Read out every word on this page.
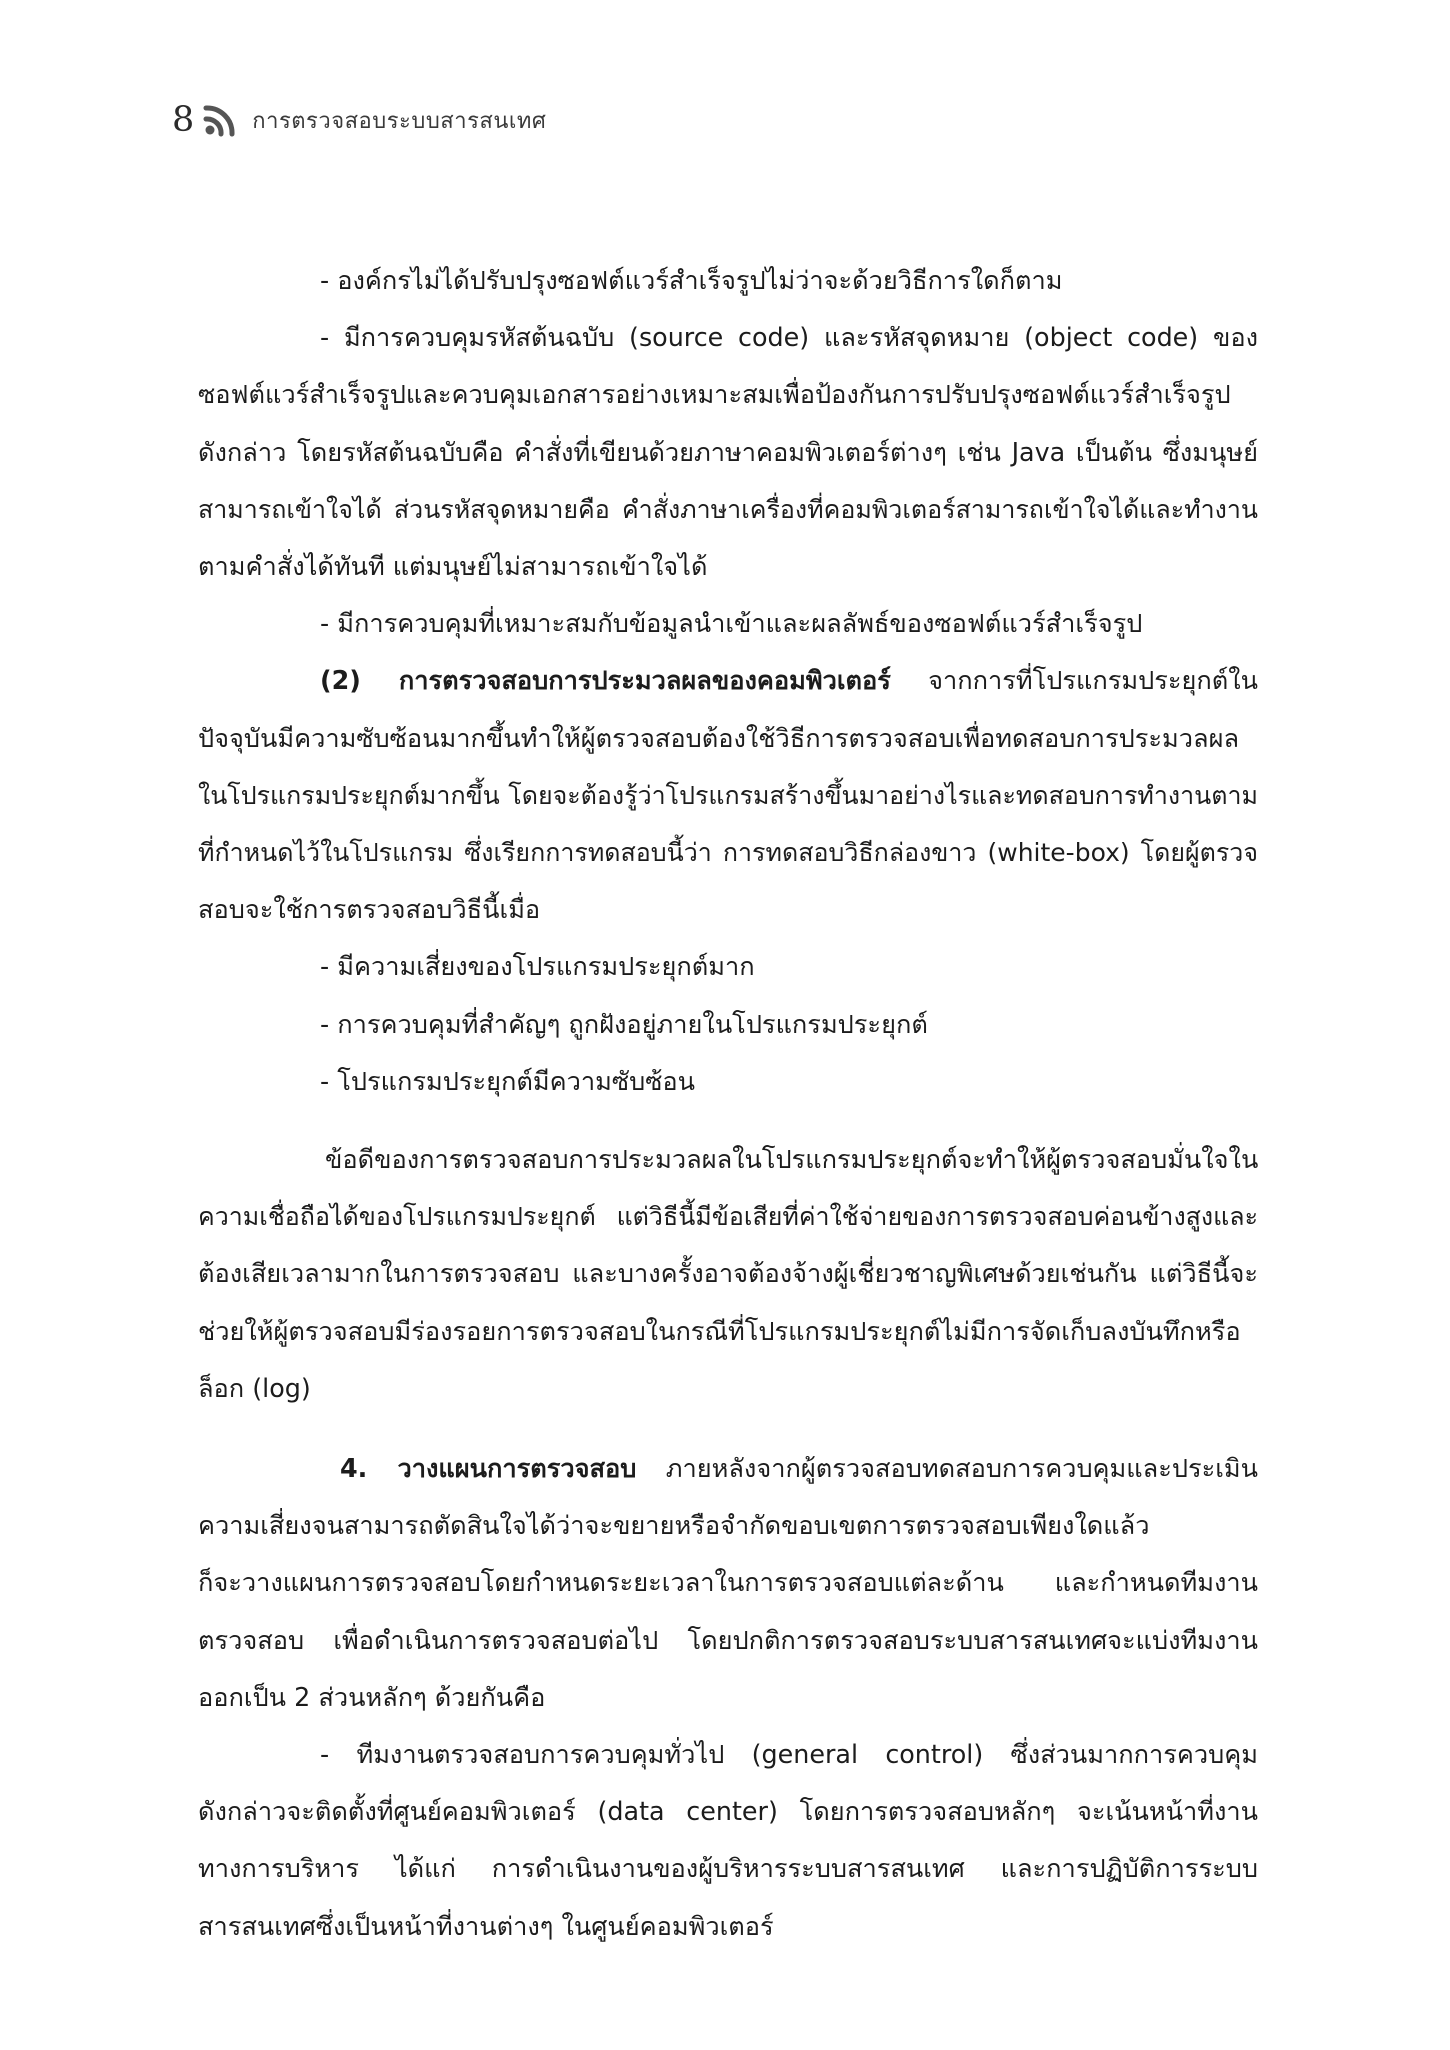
8	การตรวจสอบระบบสารสนเทศ

- องค์กรไม่ได้ปรับปรุงซอฟต์แวร์สำเร็จรูปไม่ว่าจะด้วยวิธีการใดก็ตาม

- มีการควบคุมรหัสต้นฉบับ (source code) และรหัสจุดหมาย (object code) ของ

ซอฟต์แวร์สำเร็จรูปและควบคุมเอกสารอย่างเหมาะสมเพื่อป้องกันการปรับปรุงซอฟต์แวร์สำเร็จรูป

ดังกล่าว โดยรหัสต้นฉบับคือ คำสั่งที่เขียนด้วยภาษาคอมพิวเตอร์ต่างๆ เช่น Java เป็นต้น ซึ่งมนุษย์

สามารถเข้าใจได้ ส่วนรหัสจุดหมายคือ คำสั่งภาษาเครื่องที่คอมพิวเตอร์สามารถเข้าใจได้และทำงาน

ตามคำสั่งได้ทันที แต่มนุษย์ไม่สามารถเข้าใจได้

- มีการควบคุมที่เหมาะสมกับข้อมูลนำเข้าและผลลัพธ์ของซอฟต์แวร์สำเร็จรูป

(2) การตรวจสอบการประมวลผลของคอมพิวเตอร์ จากการที่โปรแกรมประยุกต์ใน

ปัจจุบันมีความซับซ้อนมากขึ้นทำให้ผู้ตรวจสอบต้องใช้วิธีการตรวจสอบเพื่อทดสอบการประมวลผล

ในโปรแกรมประยุกต์มากขึ้น โดยจะต้องรู้ว่าโปรแกรมสร้างขึ้นมาอย่างไรและทดสอบการทำงานตาม

ที่กำหนดไว้ในโปรแกรม ซึ่งเรียกการทดสอบนี้ว่า การทดสอบวิธีกล่องขาว (white-box) โดยผู้ตรวจ

สอบจะใช้การตรวจสอบวิธีนี้เมื่อ

- มีความเสี่ยงของโปรแกรมประยุกต์มาก

- การควบคุมที่สำคัญๆ ถูกฝังอยู่ภายในโปรแกรมประยุกต์

- โปรแกรมประยุกต์มีความซับซ้อน

ข้อดีของการตรวจสอบการประมวลผลในโปรแกรมประยุกต์จะทำให้ผู้ตรวจสอบมั่นใจใน

ความเชื่อถือได้ของโปรแกรมประยุกต์ แต่วิธีนี้มีข้อเสียที่ค่าใช้จ่ายของการตรวจสอบค่อนข้างสูงและ

ต้องเสียเวลามากในการตรวจสอบ และบางครั้งอาจต้องจ้างผู้เชี่ยวชาญพิเศษด้วยเช่นกัน แต่วิธีนี้จะ

ช่วยให้ผู้ตรวจสอบมีร่องรอยการตรวจสอบในกรณีที่โปรแกรมประยุกต์ไม่มีการจัดเก็บลงบันทึกหรือ

ล็อก (log)

4. วางแผนการตรวจสอบ ภายหลังจากผู้ตรวจสอบทดสอบการควบคุมและประเมิน

ความเสี่ยงจนสามารถตัดสินใจได้ว่าจะขยายหรือจำกัดขอบเขตการตรวจสอบเพียงใดแล้ว

ก็จะวางแผนการตรวจสอบโดยกำหนดระยะเวลาในการตรวจสอบแต่ละด้าน และกำหนดทีมงาน

ตรวจสอบ เพื่อดำเนินการตรวจสอบต่อไป โดยปกติการตรวจสอบระบบสารสนเทศจะแบ่งทีมงาน

ออกเป็น 2 ส่วนหลักๆ ด้วยกันคือ

- ทีมงานตรวจสอบการควบคุมทั่วไป (general control) ซึ่งส่วนมากการควบคุม

ดังกล่าวจะติดตั้งที่ศูนย์คอมพิวเตอร์ (data center) โดยการตรวจสอบหลักๆ จะเน้นหน้าที่งาน

ทางการบริหาร ได้แก่ การดำเนินงานของผู้บริหารระบบสารสนเทศ และการปฏิบัติการระบบ

สารสนเทศซึ่งเป็นหน้าที่งานต่างๆ ในศูนย์คอมพิวเตอร์
